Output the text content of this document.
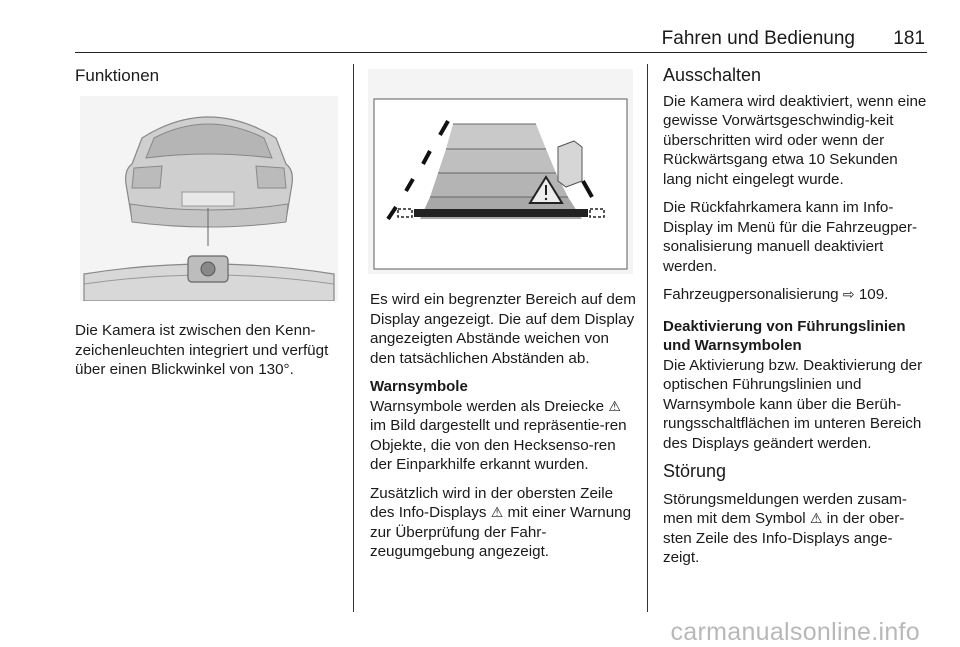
Fahren und Bedienung 181
Funktionen

Die Kamera ist zwischen den Kenn-zeichenleuchten integriert und verfügt über einen Blickwinkel von 130°.

Es wird ein begrenzter Bereich auf dem Display angezeigt. Die auf dem Display angezeigten Abstände weichen von den tatsächlichen Abständen ab.

Warnsymbole

Warnsymbole werden als Dreiecke ⚠ im Bild dargestellt und repräsentie-ren Objekte, die von den Hecksenso-ren der Einparkhilfe erkannt wurden.

Zusätzlich wird in der obersten Zeile des Info-Displays ⚠ mit einer Warnung zur Überprüfung der Fahr-zeugumgebung angezeigt.

Ausschalten

Die Kamera wird deaktiviert, wenn eine gewisse Vorwärtsgeschwindig-keit überschritten wird oder wenn der Rückwärtsgang etwa 10 Sekunden lang nicht eingelegt wurde.

Die Rückfahrkamera kann im Info-Display im Menü für die Fahrzeugper-sonalisierung manuell deaktiviert werden.

Fahrzeugpersonalisierung ⇨ 109.

Deaktivierung von Führungslinien und Warnsymbolen

Die Aktivierung bzw. Deaktivierung der optischen Führungslinien und Warnsymbole kann über die Berüh-rungsschaltflächen im unteren Bereich des Displays geändert werden.

Störung

Störungsmeldungen werden zusam-men mit dem Symbol ⚠ in der ober-sten Zeile des Info-Displays ange-zeigt.

carmanualsonline.info
